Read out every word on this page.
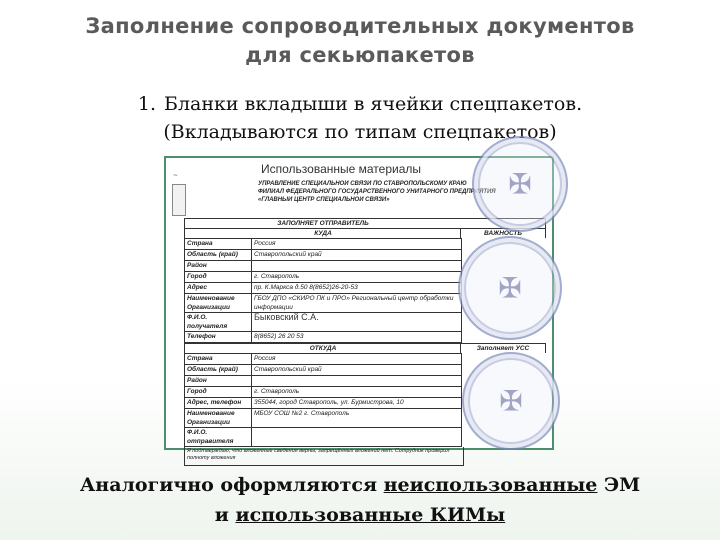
Заполнение сопроводительных документов
для секьюпакетов
1. Бланки вкладыши в ячейки спецпакетов.
(Вкладываются по типам спецпакетов)
~	Использованные материалы
УПРАВЛЕНИЕ СПЕЦИАЛЬНОЙ СВЯЗИ ПО СТАВРОПОЛЬСКОМУ КРАЮ
ФИЛИАЛ ФЕДЕРАЛЬНОГО ГОСУДАРСТВЕННОГО УНИТАРНОГО ПРЕДПРИЯТИЯ
«ГЛАВНЫЙ ЦЕНТР СПЕЦИАЛЬНОЙ СВЯЗИ»
ЗАПОЛНЯЕТ ОТПРАВИТЕЛЬ
КУДА	ВАЖНОСТЬ
Страна	Россия
Область (край)	Ставропольский край
Район	
Город	г. Ставрополь
Адрес	пр. К.Маркса д.50 8(8652)26-20-53
Наименование Организации	ГБОУ ДПО «СКИРО ПК и ПРО» Региональный центр обработки информации
Ф.И.О. получателя	Быковский С.А.
Телефон	8(8652) 26 20 53
ОТКУДА	Заполняет УСС
Страна	Россия
Область (край)	Ставропольский край
Район	
Город	г. Ставрополь
Адрес, телефон	355044, город Ставрополь, ул. Бурмистрова, 10
Наименование Организации	МБОУ СОШ №2 г. Ставрополь
Ф.И.О. отправителя	
Я подтверждаю, что вложенные сведения верны, запрещённых вложений нет. Сотрудник проверил полноту вложения
✠
✠
✠
Аналогично оформляются неиспользованные ЭМ
и использованные КИМы
